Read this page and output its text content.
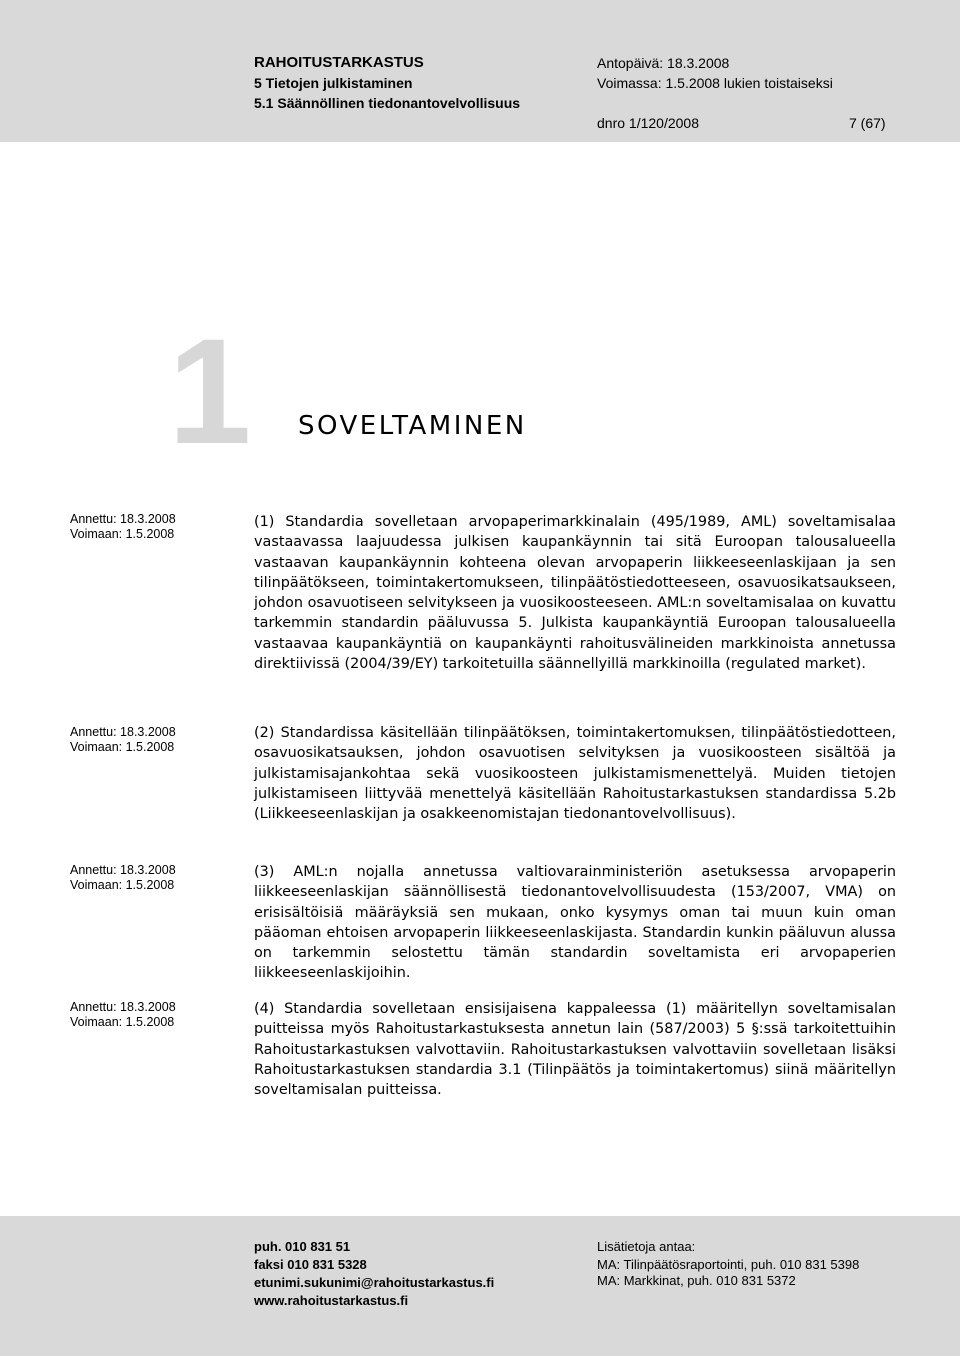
RAHOITUSTARKASTUS
5 Tietojen julkistaminen
5.1 Säännöllinen tiedonantovelvollisuus
Antopäivä: 18.3.2008
Voimassa: 1.5.2008 lukien toistaiseksi
dnro 1/120/2008	7 (67)
1 SOVELTAMINEN
Annettu: 18.3.2008
Voimaan: 1.5.2008
(1) Standardia sovelletaan arvopaperimarkkinalain (495/1989, AML) soveltamisalaa vastaavassa laajuudessa julkisen kaupankäynnin tai sitä Euroopan talousalueella vastaavan kaupankäynnin kohteena olevan arvopaperin liikkeeseenlaskijaan ja sen tilinpäätökseen, toimintakertomukseen, tilinpäätöstiedotteeseen, osavuosikatsaukseen, johdon osavuotiseen selvitykseen ja vuosikoosteeseen. AML:n soveltamisalaa on kuvattu tarkemmin standardin pääluvussa 5. Julkista kaupankäyntiä Euroopan talousalueella vastaavaa kaupankäyntiä on kaupankäynti rahoitusvälineiden markkinoista annetussa direktiivissä (2004/39/EY) tarkoitetuilla säännellyillä markkinoilla (regulated market).
Annettu: 18.3.2008
Voimaan: 1.5.2008
(2) Standardissa käsitellään tilinpäätöksen, toimintakertomuksen, tilinpäätöstiedotteen, osavuosikatsauksen, johdon osavuotisen selvityksen ja vuosikoosteen sisältöä ja julkistamisajankohtaa sekä vuosikoosteen julkistamismenettelyä. Muiden tietojen julkistamiseen liittyvää menettelyä käsitellään Rahoitustarkastuksen standardissa 5.2b (Liikkeeseenlaskijan ja osakkeenomistajan tiedonantovelvollisuus).
Annettu: 18.3.2008
Voimaan: 1.5.2008
(3) AML:n nojalla annetussa valtiovarainministeriön asetuksessa arvopaperin liikkeeseenlaskijan säännöllisestä tiedonantovelvollisuudesta (153/2007, VMA) on erisisältöisiä määräyksiä sen mukaan, onko kysymys oman tai muun kuin oman pääoman ehtoisen arvopaperin liikkeeseenlaskijasta. Standardin kunkin pääluvun alussa on tarkemmin selostettu tämän standardin soveltamista eri arvopaperien liikkeeseenlaskijoihin.
Annettu: 18.3.2008
Voimaan: 1.5.2008
(4) Standardia sovelletaan ensisijaisena kappaleessa (1) määritellyn soveltamisalan puitteissa myös Rahoitustarkastuksesta annetun lain (587/2003) 5 §:ssä tarkoitettuihin Rahoitustarkastuksen valvottaviin. Rahoitustarkastuksen valvottaviin sovelletaan lisäksi Rahoitustarkastuksen standardia 3.1 (Tilinpäätös ja toimintakertomus) siinä määritellyn soveltamisalan puitteissa.
puh. 010 831 51
faksi 010 831 5328
etunimi.sukunimi@rahoitustarkastus.fi
www.rahoitustarkastus.fi
Lisätietoja antaa:
MA: Tilinpäätösraportointi, puh. 010 831 5398
MA: Markkinat, puh. 010 831 5372
